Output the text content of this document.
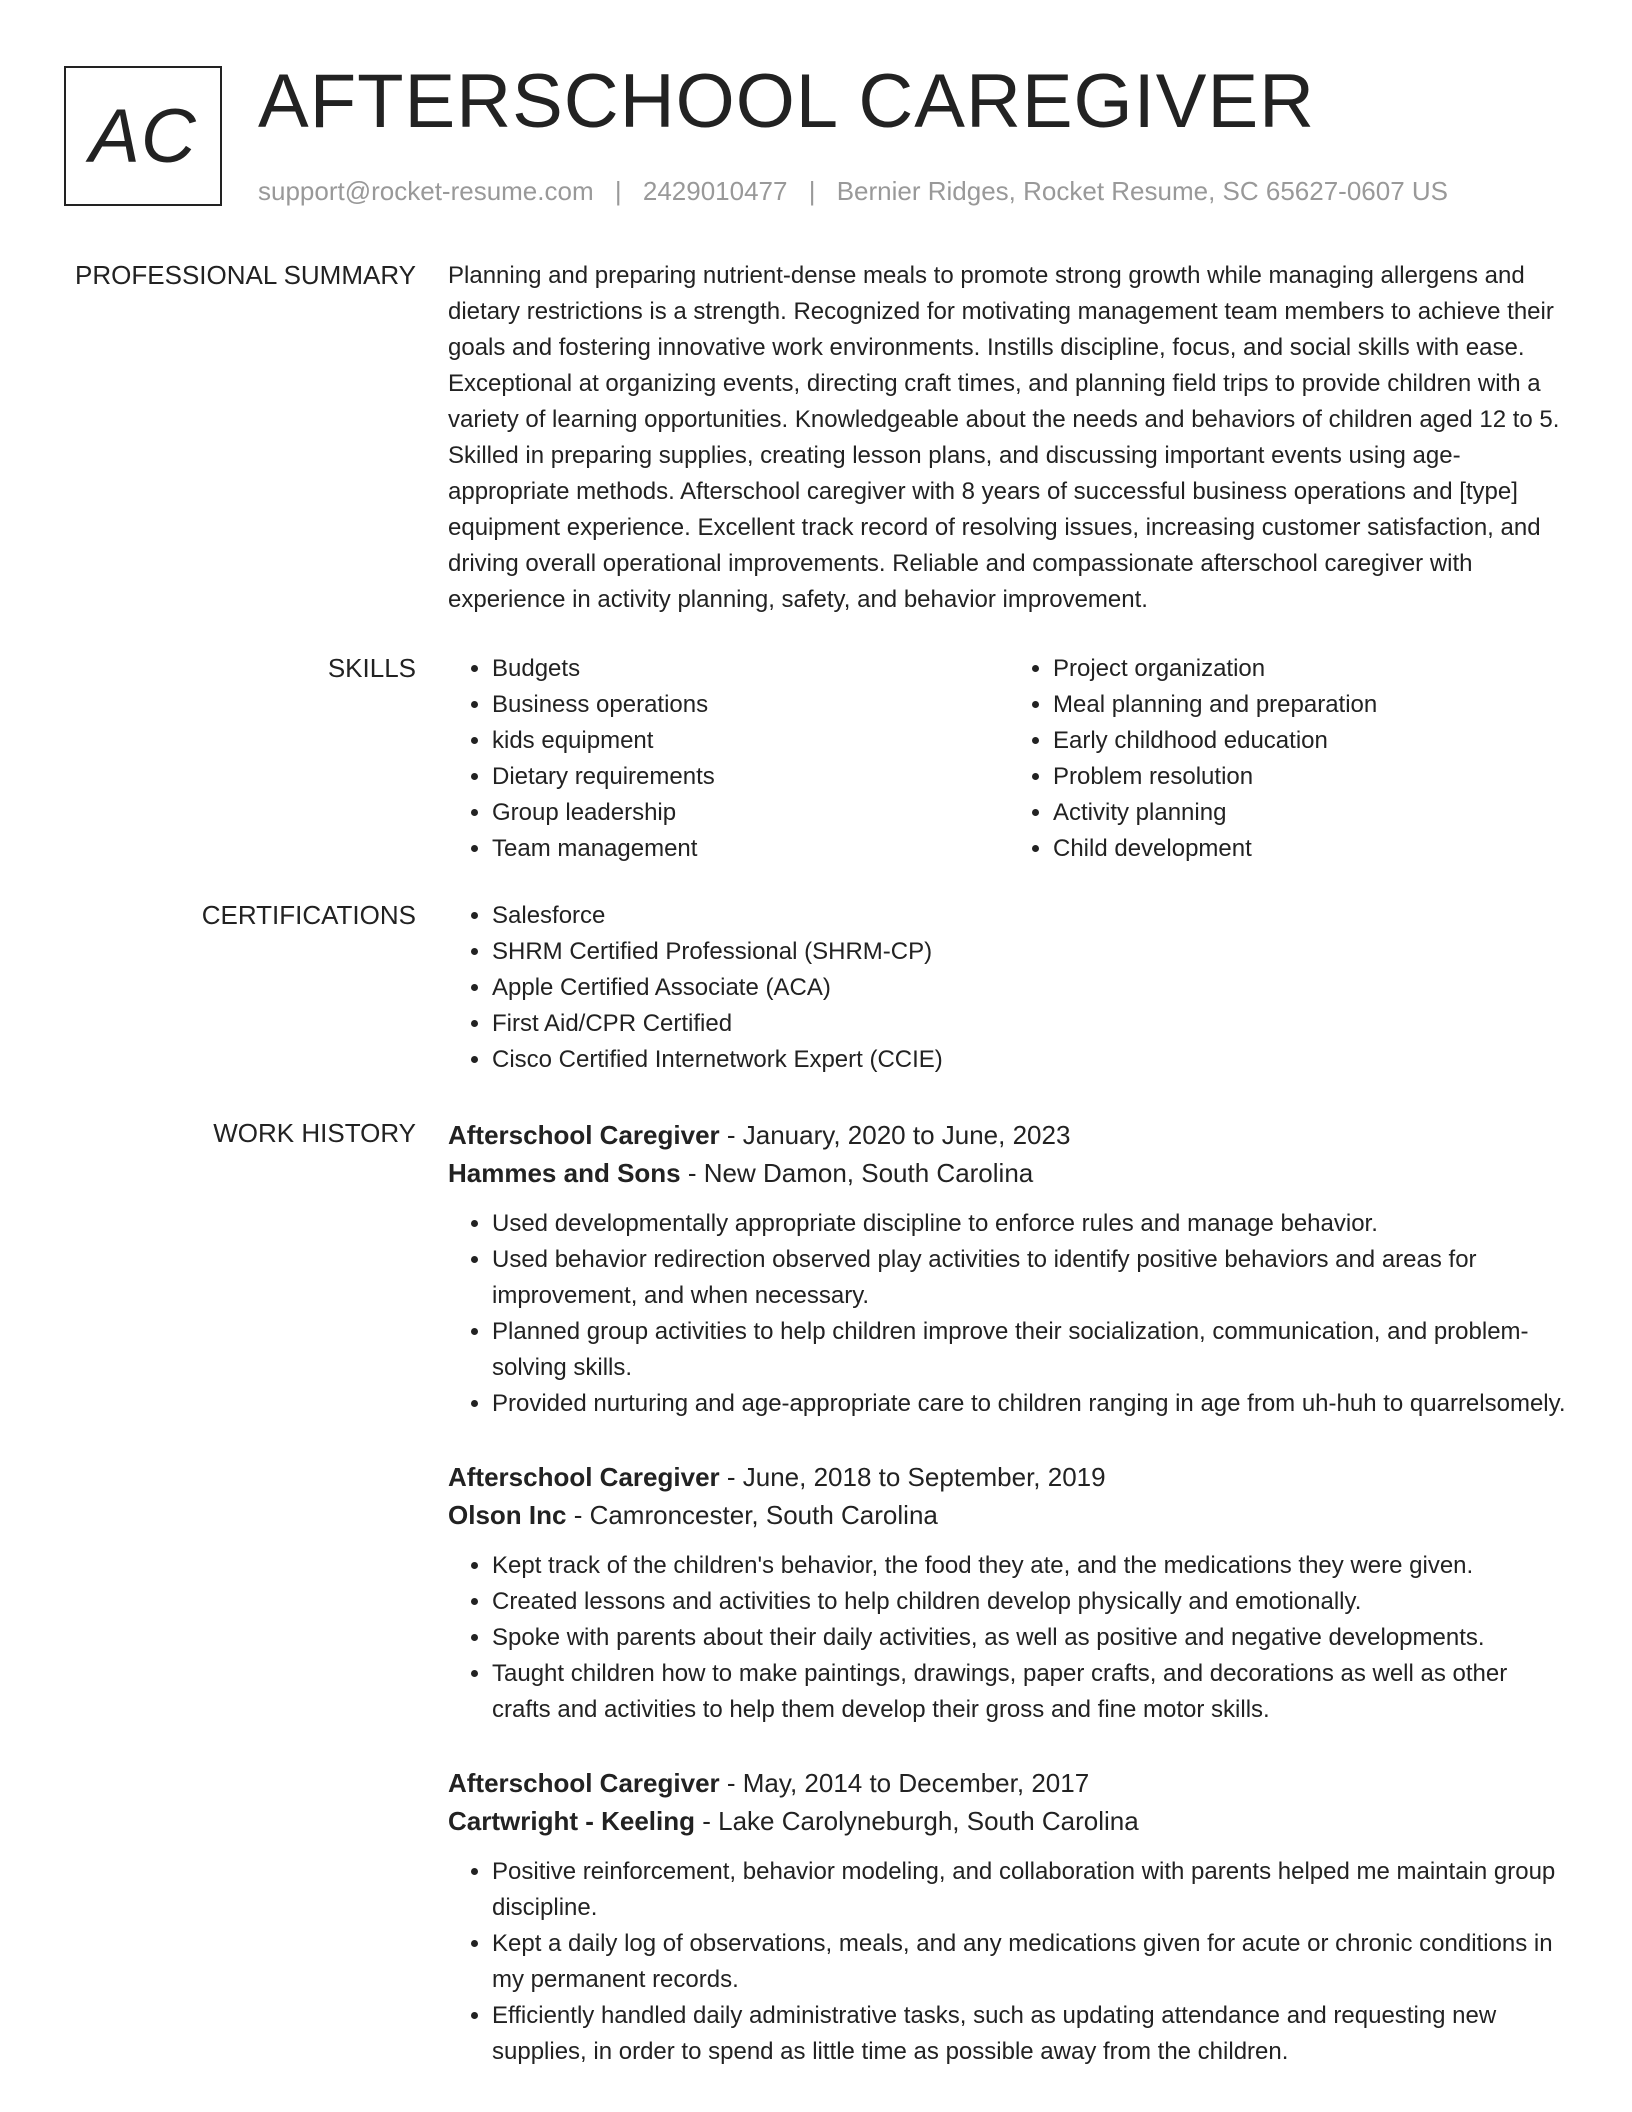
AC AFTERSCHOOL CAREGIVER
support@rocket-resume.com | 2429010477 | Bernier Ridges, Rocket Resume, SC 65627-0607 US
PROFESSIONAL SUMMARY Planning and preparing nutrient-dense meals to promote strong growth while managing allergens and dietary restrictions is a strength. Recognized for motivating management team members to achieve their goals and fostering innovative work environments. Instills discipline, focus, and social skills with ease. Exceptional at organizing events, directing craft times, and planning field trips to provide children with a variety of learning opportunities. Knowledgeable about the needs and behaviors of children aged 12 to 5. Skilled in preparing supplies, creating lesson plans, and discussing important events using age-appropriate methods. Afterschool caregiver with 8 years of successful business operations and [type] equipment experience. Excellent track record of resolving issues, increasing customer satisfaction, and driving overall operational improvements. Reliable and compassionate afterschool caregiver with experience in activity planning, safety, and behavior improvement.

SKILLS	• Budgets
• Business operations
• kids equipment
• Dietary requirements
• Group leadership
• Team management
• Project organization
• Meal planning and preparation
• Early childhood education
• Problem resolution
• Activity planning
• Child development
CERTIFICATIONS	• Salesforce
• SHRM Certified Professional (SHRM-CP)
• Apple Certified Associate (ACA)
• First Aid/CPR Certified
• Cisco Certified Internetwork Expert (CCIE)
WORK HISTORY Afterschool Caregiver - January, 2020 to June, 2023
Hammes and Sons - New Damon, South Carolina
• Used developmentally appropriate discipline to enforce rules and manage behavior.
• Used behavior redirection observed play activities to identify positive behaviors and areas for improvement, and when necessary.
• Planned group activities to help children improve their socialization, communication, and problem-solving skills.
• Provided nurturing and age-appropriate care to children ranging in age from uh-huh to quarrelsomely.
Afterschool Caregiver - June, 2018 to September, 2019
Olson Inc - Camroncester, South Carolina
• Kept track of the children's behavior, the food they ate, and the medications they were given.
• Created lessons and activities to help children develop physically and emotionally.
• Spoke with parents about their daily activities, as well as positive and negative developments.
• Taught children how to make paintings, drawings, paper crafts, and decorations as well as other crafts and activities to help them develop their gross and fine motor skills.
Afterschool Caregiver - May, 2014 to December, 2017
Cartwright - Keeling - Lake Carolyneburgh, South Carolina
• Positive reinforcement, behavior modeling, and collaboration with parents helped me maintain group discipline.
• Kept a daily log of observations, meals, and any medications given for acute or chronic conditions in my permanent records.
• Efficiently handled daily administrative tasks, such as updating attendance and requesting new supplies, in order to spend as little time as possible away from the children.
